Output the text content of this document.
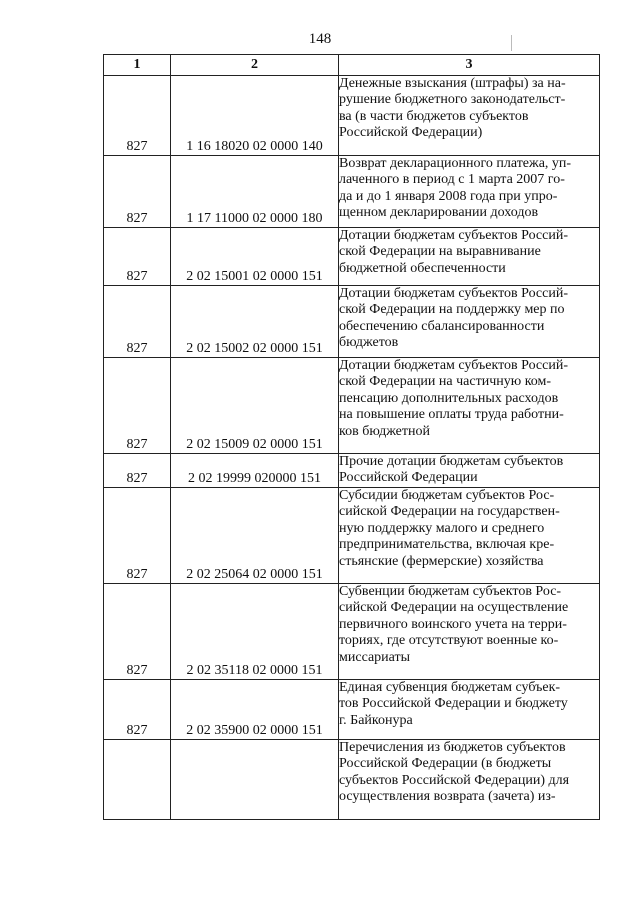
148
1	2	3
827	1 16 18020 02 0000 140	Денежные взыскания (штрафы) за на-
рушение бюджетного законодательст-
ва (в части бюджетов субъектов
Российской Федерации)

827	1 17 11000 02 0000 180	Возврат декларационного платежа, уп-
лаченного в период с 1 марта 2007 го-
да и до 1 января 2008 года при упро-
щенном декларировании доходов

827	2 02 15001 02 0000 151	Дотации бюджетам субъектов Россий-
ской Федерации на выравнивание
бюджетной обеспеченности

827	2 02 15002 02 0000 151	Дотации бюджетам субъектов Россий-
ской Федерации на поддержку мер по
обеспечению сбалансированности
бюджетов

827	2 02 15009 02 0000 151	Дотации бюджетам субъектов Россий-
ской Федерации на частичную ком-
пенсацию дополнительных расходов
на повышение оплаты труда работни-
ков бюджетной

827	2 02 19999 020000 151	Прочие дотации бюджетам субъектов
Российской Федерации

827	2 02 25064 02 0000 151	Субсидии бюджетам субъектов Рос-
сийской Федерации на государствен-
ную поддержку малого и среднего
предпринимательства, включая кре-
стьянские (фермерские) хозяйства

827	2 02 35118 02 0000 151	Субвенции бюджетам субъектов Рос-
сийской Федерации на осуществление
первичного воинского учета на терри-
ториях, где отсутствуют военные ко-
миссариаты

827	2 02 35900 02 0000 151	Единая субвенция бюджетам субъек-
тов Российской Федерации и бюджету
г. Байконура

		Перечисления из бюджетов субъектов
Российской Федерации (в бюджеты
субъектов Российской Федерации) для
осуществления возврата (зачета) из-
